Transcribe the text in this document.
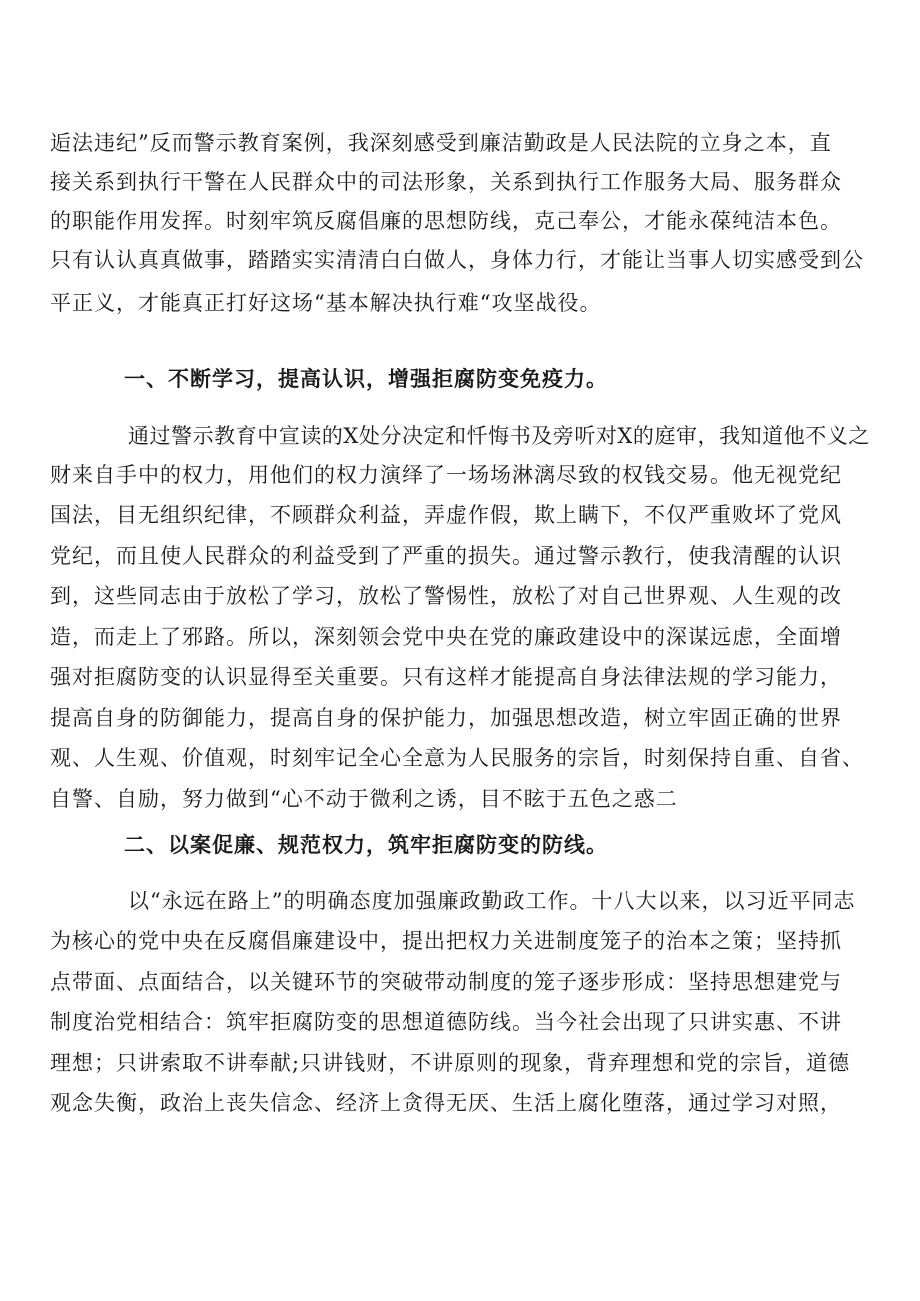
逅法违纪”反而警示教育案例，我深刻感受到廉洁勤政是人民法院的立身之本，直
接关系到执行干警在人民群众中的司法形象，关系到执行工作服务大局、服务群众
的职能作用发挥。时刻牢筑反腐倡廉的思想防线，克己奉公，才能永葆纯洁本色。
只有认认真真做事，踏踏实实清清白白做人，身体力行，才能让当事人切实感受到公
平正义，才能真正打好这场“基本解决执行难“攻坚战役。
一、不断学习，提高认识，增强拒腐防变免疫力。
通过警示教育中宣读的X处分决定和忏悔书及旁听对X的庭审，我知道他不义之
财来自手中的权力，用他们的权力演绎了一场场淋漓尽致的权钱交易。他无视党纪
国法，目无组织纪律，不顾群众利益，弄虚作假，欺上瞒下，不仅严重败坏了党风
党纪，而且使人民群众的利益受到了严重的损失。通过警示教行，使我清醒的认识
到，这些同志由于放松了学习，放松了警惕性，放松了对自己世界观、人生观的改
造，而走上了邪路。所以，深刻领会党中央在党的廉政建设中的深谋远虑，全面增
强对拒腐防变的认识显得至关重要。只有这样才能提高自身法律法规的学习能力，
提高自身的防御能力，提高自身的保护能力，加强思想改造，树立牢固正确的世界
观、人生观、价值观，时刻牢记全心全意为人民服务的宗旨，时刻保持自重、自省、
自警、自励，努力做到“心不动于微利之诱，目不眩于五色之惑二
二、以案促廉、规范权力，筑牢拒腐防变的防线。
以“永远在路上”的明确态度加强廉政勤政工作。十八大以来，以习近平同志
为核心的党中央在反腐倡廉建设中，提出把权力关进制度笼子的治本之策；坚持抓
点带面、点面结合，以关键环节的突破带动制度的笼子逐步形成：坚持思想建党与
制度治党相结合：筑牢拒腐防变的思想道德防线。当今社会出现了只讲实惠、不讲
理想；只讲索取不讲奉献;只讲钱财，不讲原则的现象，背弃理想和党的宗旨，道德
观念失衡，政治上丧失信念、经济上贪得无厌、生活上腐化堕落，通过学习对照，
